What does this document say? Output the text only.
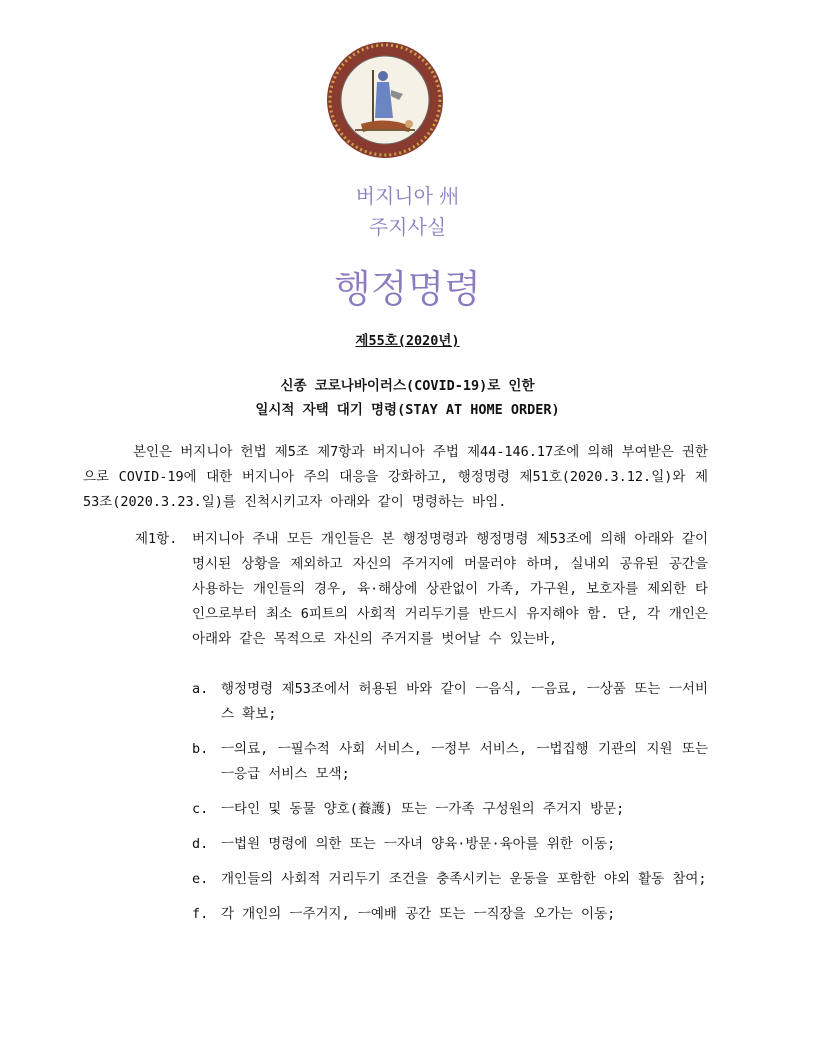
버지니아 州
주지사실
행정명령
제55호(2020년)
신종 코로나바이러스(COVID-19)로 인한
일시적 자택 대기 명령(STAY AT HOME ORDER)
본인은 버지니아 헌법 제5조 제7항과 버지니아 주법 제44-146.17조에 의해 부여받은 권한으로 COVID-19에 대한 버지니아 주의 대응을 강화하고, 행정명령 제51호(2020.3.12.일)와 제53조(2020.3.23.일)를 진척시키고자 아래와 같이 명령하는 바임.
제1항. 버지니아 주내 모든 개인들은 본 행정명령과 행정명령 제53조에 의해 아래와 같이 명시된 상황을 제외하고 자신의 주거지에 머물러야 하며, 실내외 공유된 공간을 사용하는 개인들의 경우, 육·해상에 상관없이 가족, 가구원, 보호자를 제외한 타인으로부터 최소 6피트의 사회적 거리두기를 반드시 유지해야 함. 단, 각 개인은 아래와 같은 목적으로 자신의 주거지를 벗어날 수 있는바,
a. 행정명령 제53조에서 허용된 바와 같이 ㅡ음식, ㅡ음료, ㅡ상품 또는 ㅡ서비스 확보;
b. ㅡ의료, ㅡ필수적 사회 서비스, ㅡ정부 서비스, ㅡ법집행 기관의 지원 또는 ㅡ응급 서비스 모색;
c. ㅡ타인 및 동물 양호(養護) 또는 ㅡ가족 구성원의 주거지 방문;
d. ㅡ법원 명령에 의한 또는 ㅡ자녀 양육·방문·육아를 위한 이동;
e. 개인들의 사회적 거리두기 조건을 충족시키는 운동을 포함한 야외 활동 참여;
f. 각 개인의 ㅡ주거지, ㅡ예배 공간 또는 ㅡ직장을 오가는 이동;
